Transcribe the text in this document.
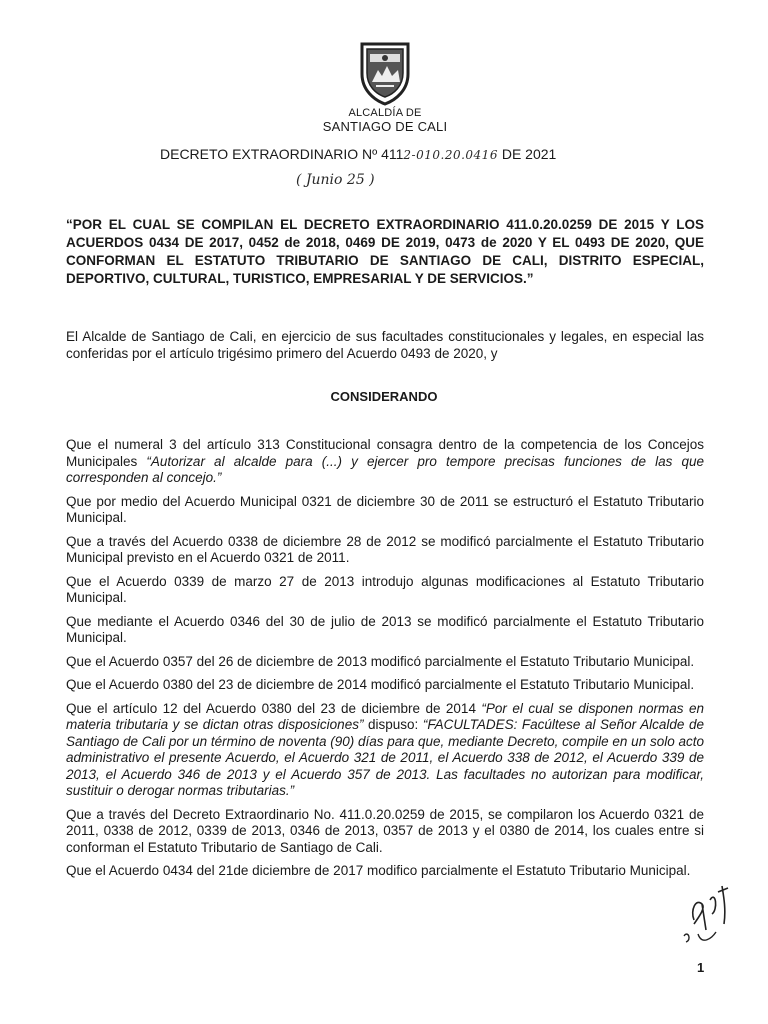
ALCALDÍA DE
SANTIAGO DE CALI
DECRETO EXTRAORDINARIO Nº 4112-010.20.0416 DE 2021
( Junio 25 )
“POR EL CUAL SE COMPILAN EL DECRETO EXTRAORDINARIO 411.0.20.0259 DE 2015 Y LOS ACUERDOS 0434 DE 2017, 0452 de 2018, 0469 DE 2019, 0473 de 2020 Y EL 0493 DE 2020, QUE CONFORMAN EL ESTATUTO TRIBUTARIO DE SANTIAGO DE CALI, DISTRITO ESPECIAL, DEPORTIVO, CULTURAL, TURISTICO, EMPRESARIAL Y DE SERVICIOS.”
El Alcalde de Santiago de Cali, en ejercicio de sus facultades constitucionales y legales, en especial las conferidas por el artículo trigésimo primero del Acuerdo 0493 de 2020, y
CONSIDERANDO

Que el numeral 3 del artículo 313 Constitucional consagra dentro de la competencia de los Concejos Municipales “Autorizar al alcalde para (...) y ejercer pro tempore precisas funciones de las que corresponden al concejo.”

Que por medio del Acuerdo Municipal 0321 de diciembre 30 de 2011 se estructuró el Estatuto Tributario Municipal.

Que a través del Acuerdo 0338 de diciembre 28 de 2012 se modificó parcialmente el Estatuto Tributario Municipal previsto en el Acuerdo 0321 de 2011.

Que el Acuerdo 0339 de marzo 27 de 2013 introdujo algunas modificaciones al Estatuto Tributario Municipal.

Que mediante el Acuerdo 0346 del 30 de julio de 2013 se modificó parcialmente el Estatuto Tributario Municipal.

Que el Acuerdo 0357 del 26 de diciembre de 2013 modificó parcialmente el Estatuto Tributario Municipal.

Que el Acuerdo 0380 del 23 de diciembre de 2014 modificó parcialmente el Estatuto Tributario Municipal.

Que el artículo 12 del Acuerdo 0380 del 23 de diciembre de 2014 “Por el cual se disponen normas en materia tributaria y se dictan otras disposiciones” dispuso: “FACULTADES: Facúltese al Señor Alcalde de Santiago de Cali por un término de noventa (90) días para que, mediante Decreto, compile en un solo acto administrativo el presente Acuerdo, el Acuerdo 321 de 2011, el Acuerdo 338 de 2012, el Acuerdo 339 de 2013, el Acuerdo 346 de 2013 y el Acuerdo 357 de 2013. Las facultades no autorizan para modificar, sustituir o derogar normas tributarias.”

Que a través del Decreto Extraordinario No. 411.0.20.0259 de 2015, se compilaron los Acuerdo 0321 de 2011, 0338 de 2012, 0339 de 2013, 0346 de 2013, 0357 de 2013 y el 0380 de 2014, los cuales entre si conforman el Estatuto Tributario de Santiago de Cali.

Que el Acuerdo 0434 del 21de diciembre de 2017 modifico parcialmente el Estatuto Tributario Municipal.

1
